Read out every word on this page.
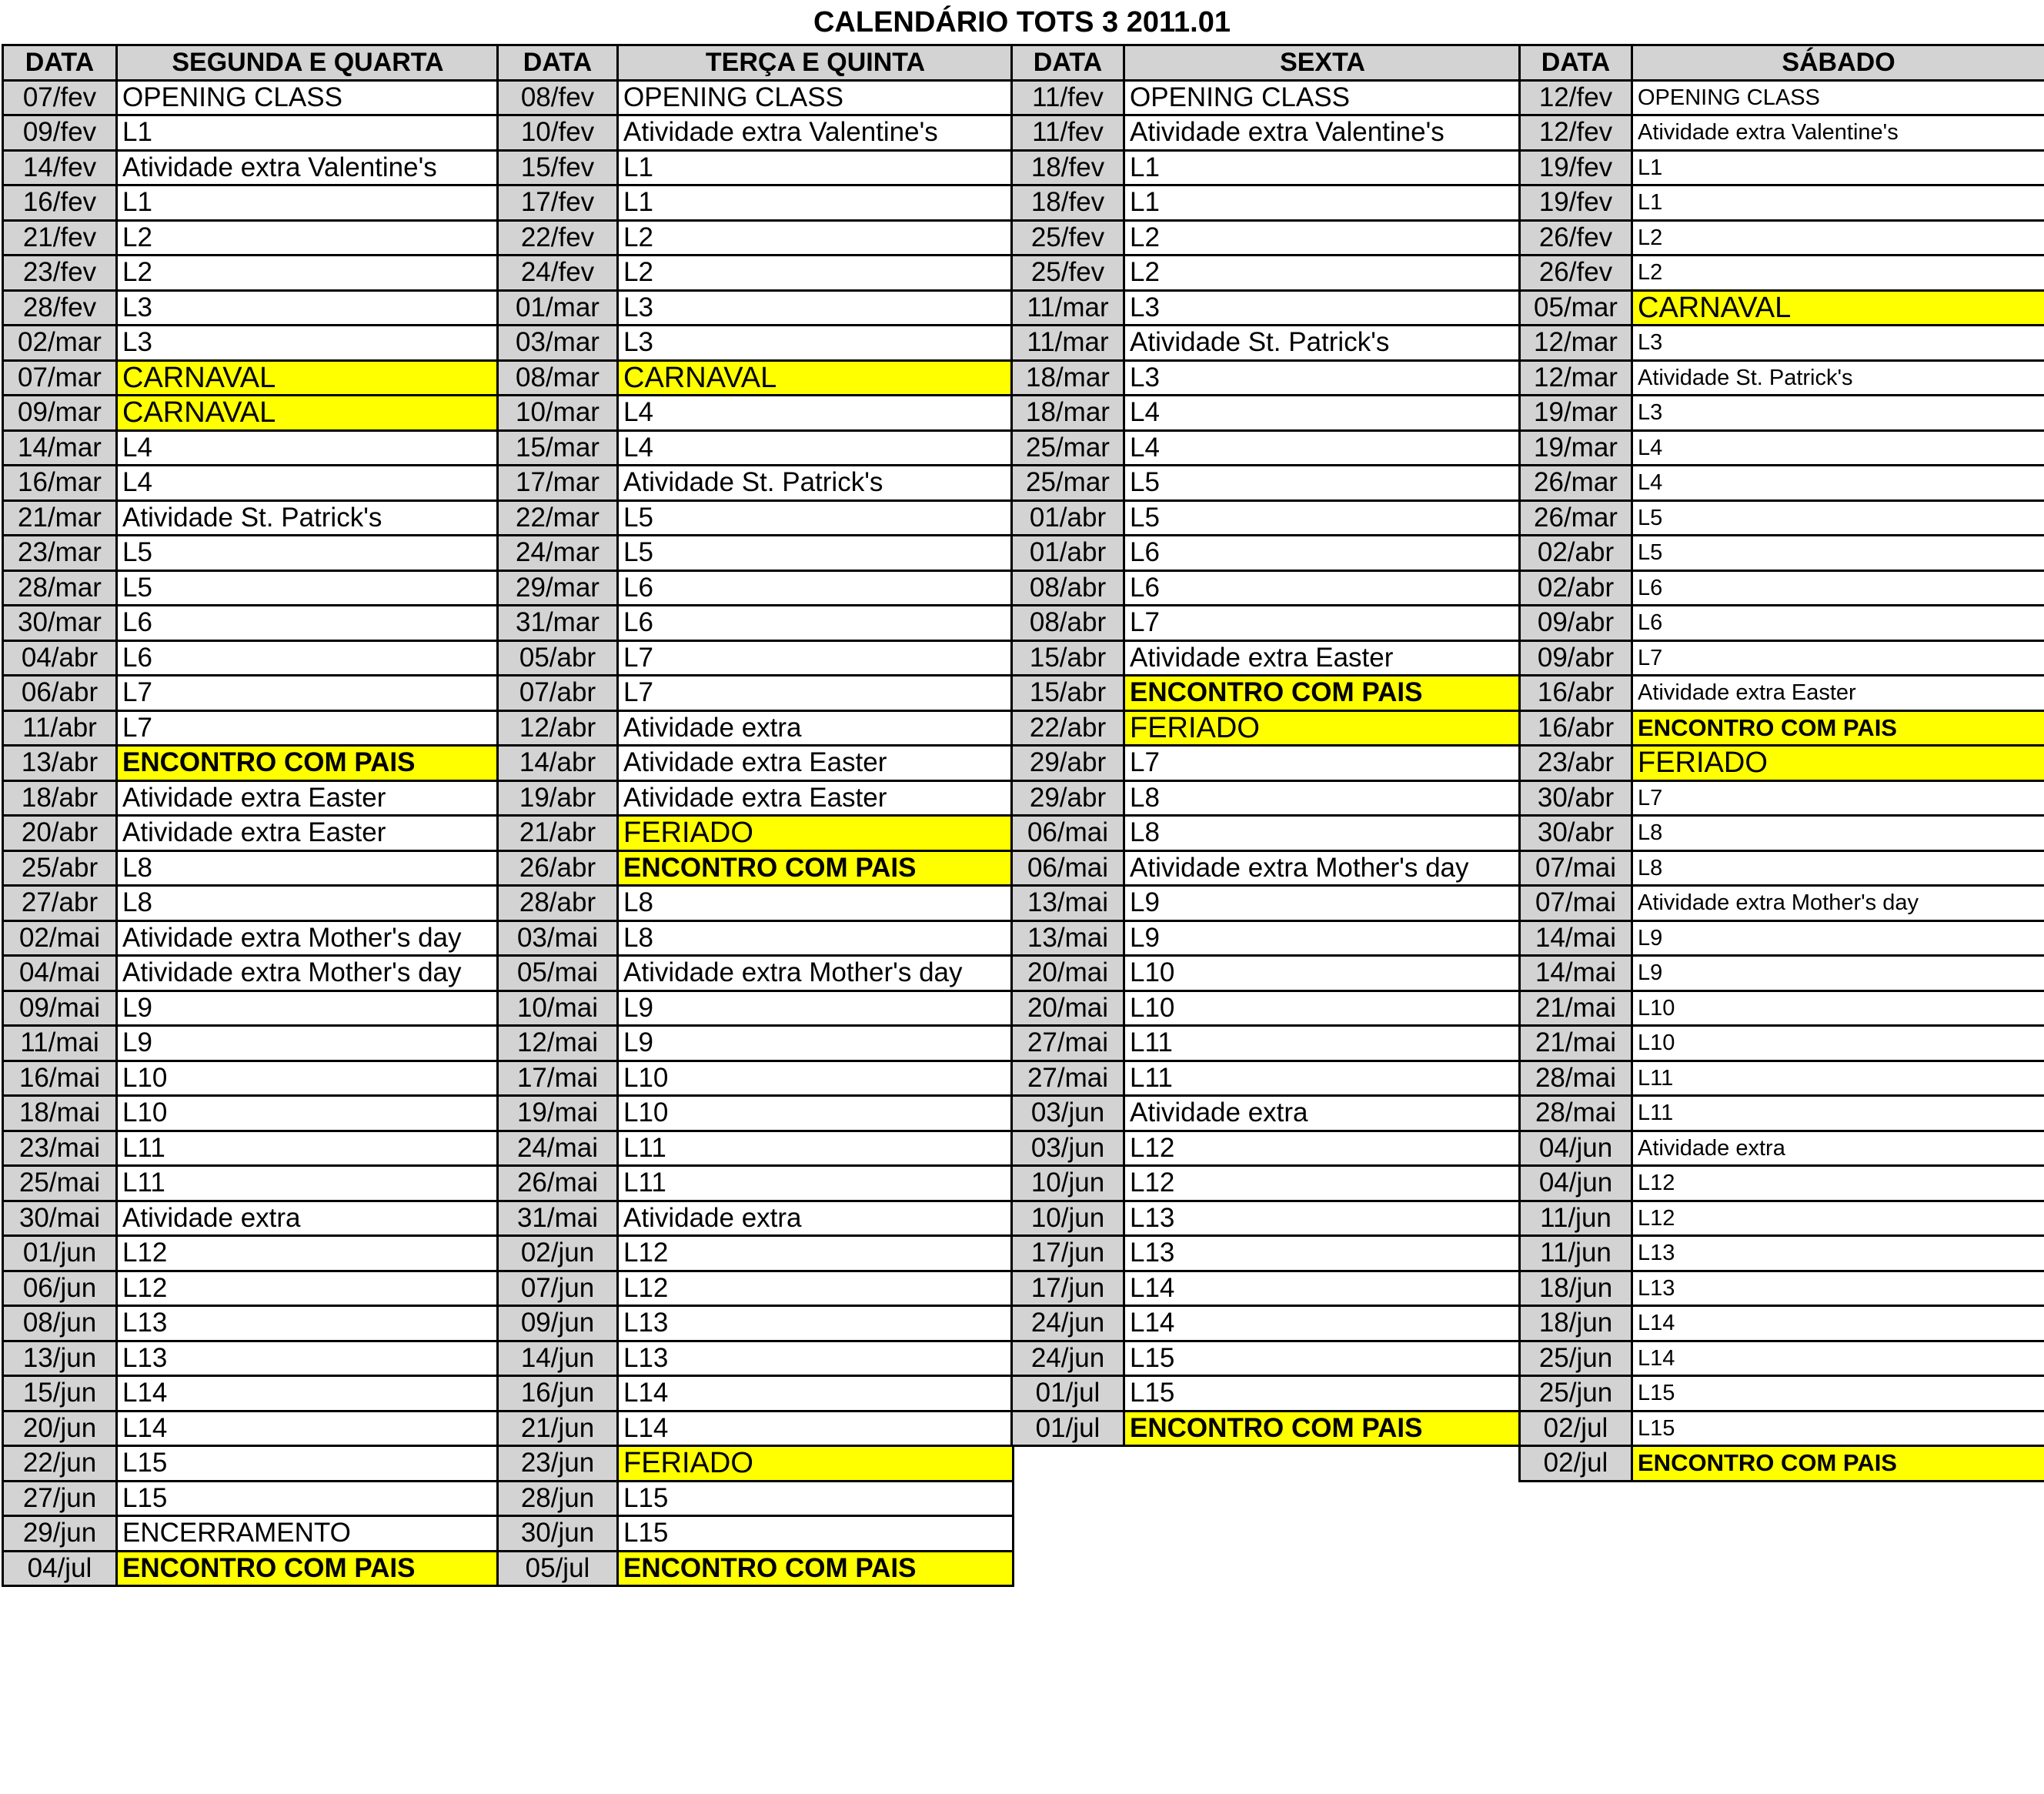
CALENDÁRIO TOTS 3 2011.01
DATA	SEGUNDA E QUARTA
07/fev	OPENING CLASS
09/fev	L1
14/fev	Atividade extra Valentine's
16/fev	L1
21/fev	L2
23/fev	L2
28/fev	L3
02/mar	L3
07/mar	CARNAVAL
09/mar	CARNAVAL
14/mar	L4
16/mar	L4
21/mar	Atividade St. Patrick's
23/mar	L5
28/mar	L5
30/mar	L6
04/abr	L6
06/abr	L7
11/abr	L7
13/abr	ENCONTRO COM PAIS
18/abr	Atividade extra Easter
20/abr	Atividade extra Easter
25/abr	L8
27/abr	L8
02/mai	Atividade extra Mother's day
04/mai	Atividade extra Mother's day
09/mai	L9
11/mai	L9
16/mai	L10
18/mai	L10
23/mai	L11
25/mai	L11
30/mai	Atividade extra
01/jun	L12
06/jun	L12
08/jun	L13
13/jun	L13
15/jun	L14
20/jun	L14
22/jun	L15
27/jun	L15
29/jun	ENCERRAMENTO
04/jul	ENCONTRO COM PAIS
DATA	TERÇA E QUINTA
08/fev	OPENING CLASS
10/fev	Atividade extra Valentine's
15/fev	L1
17/fev	L1
22/fev	L2
24/fev	L2
01/mar	L3
03/mar	L3
08/mar	CARNAVAL
10/mar	L4
15/mar	L4
17/mar	Atividade St. Patrick's
22/mar	L5
24/mar	L5
29/mar	L6
31/mar	L6
05/abr	L7
07/abr	L7
12/abr	Atividade extra
14/abr	Atividade extra Easter
19/abr	Atividade extra Easter
21/abr	FERIADO
26/abr	ENCONTRO COM PAIS
28/abr	L8
03/mai	L8
05/mai	Atividade extra Mother's day
10/mai	L9
12/mai	L9
17/mai	L10
19/mai	L10
24/mai	L11
26/mai	L11
31/mai	Atividade extra
02/jun	L12
07/jun	L12
09/jun	L13
14/jun	L13
16/jun	L14
21/jun	L14
23/jun	FERIADO
28/jun	L15
30/jun	L15
05/jul	ENCONTRO COM PAIS
DATA	SEXTA
11/fev	OPENING CLASS
11/fev	Atividade extra Valentine's
18/fev	L1
18/fev	L1
25/fev	L2
25/fev	L2
11/mar	L3
11/mar	Atividade St. Patrick's
18/mar	L3
18/mar	L4
25/mar	L4
25/mar	L5
01/abr	L5
01/abr	L6
08/abr	L6
08/abr	L7
15/abr	Atividade extra Easter
15/abr	ENCONTRO COM PAIS
22/abr	FERIADO
29/abr	L7
29/abr	L8
06/mai	L8
06/mai	Atividade extra Mother's day
13/mai	L9
13/mai	L9
20/mai	L10
20/mai	L10
27/mai	L11
27/mai	L11
03/jun	Atividade extra
03/jun	L12
10/jun	L12
10/jun	L13
17/jun	L13
17/jun	L14
24/jun	L14
24/jun	L15
01/jul	L15
01/jul	ENCONTRO COM PAIS
DATA	SÁBADO
12/fev	OPENING CLASS
12/fev	Atividade extra Valentine's
19/fev	L1
19/fev	L1
26/fev	L2
26/fev	L2
05/mar	CARNAVAL
12/mar	L3
12/mar	Atividade St. Patrick's
19/mar	L3
19/mar	L4
26/mar	L4
26/mar	L5
02/abr	L5
02/abr	L6
09/abr	L6
09/abr	L7
16/abr	Atividade extra Easter
16/abr	ENCONTRO COM PAIS
23/abr	FERIADO
30/abr	L7
30/abr	L8
07/mai	L8
07/mai	Atividade extra Mother's day
14/mai	L9
14/mai	L9
21/mai	L10
21/mai	L10
28/mai	L11
28/mai	L11
04/jun	Atividade extra
04/jun	L12
11/jun	L12
11/jun	L13
18/jun	L13
18/jun	L14
25/jun	L14
25/jun	L15
02/jul	L15
02/jul	ENCONTRO COM PAIS
